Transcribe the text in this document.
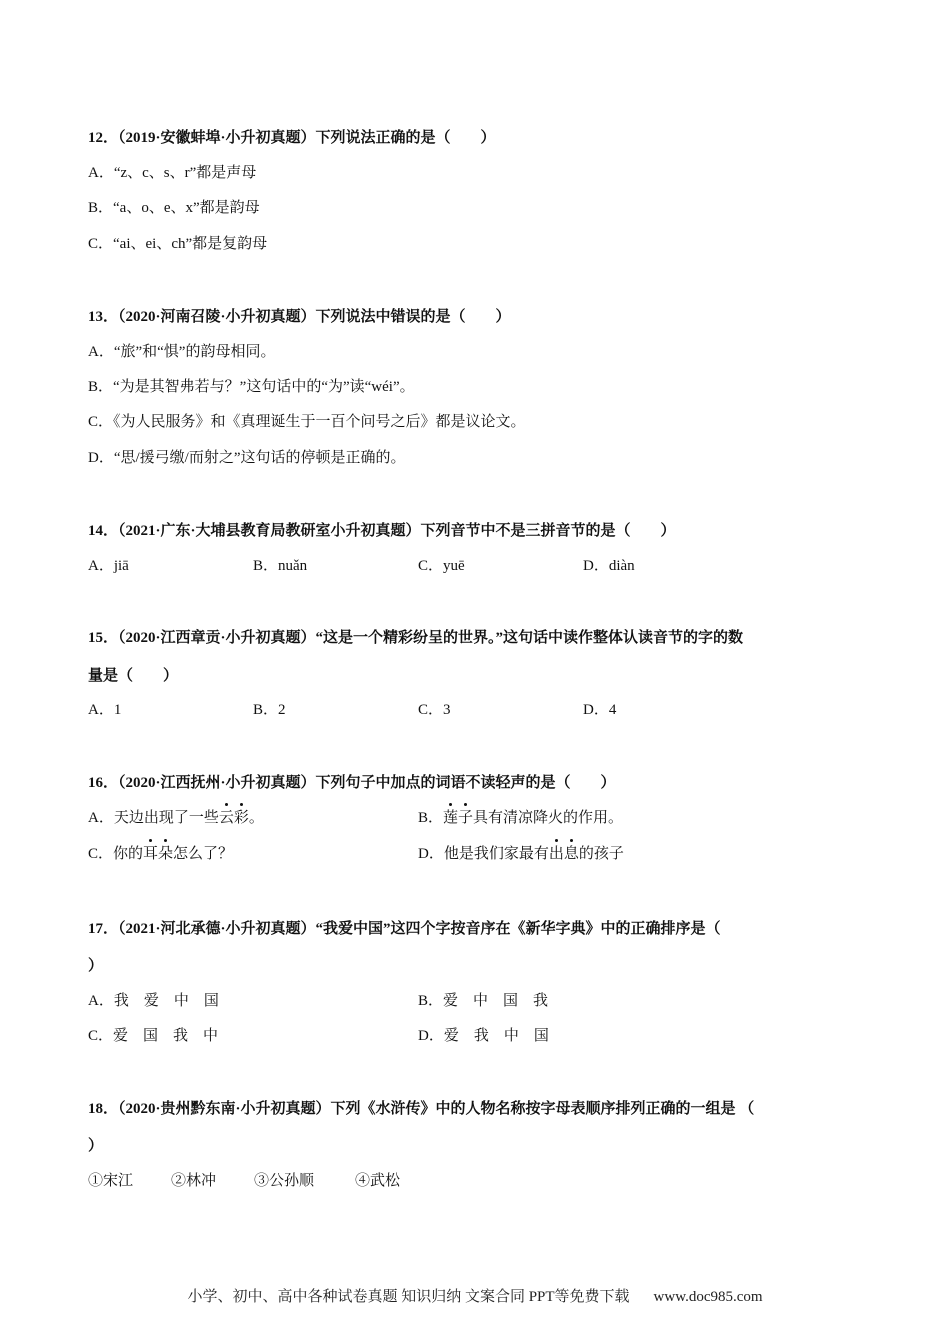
12．（2019·安徽蚌埠·小升初真题）下列说法正确的是（　　）
A．“z、c、s、r”都是声母
B．“a、o、e、x”都是韵母
C．“ai、ei、ch”都是复韵母
13．（2020·河南召陵·小升初真题）下列说法中错误的是（　　）
A．“旅”和“惧”的韵母相同。
B．“为是其智弗若与？”这句话中的“为”读“wéi”。
C．《为人民服务》和《真理诞生于一百个问号之后》都是议论文。
D．“思/援弓缴/而射之”这句话的停顿是正确的。
14．（2021·广东·大埔县教育局教研室小升初真题）下列音节中不是三拼音节的是（　　）
A．jiā	B．nuǎn	C．yuē	D．diàn
15．（2020·江西章贡·小升初真题）“这是一个精彩纷呈的世界。”这句话中读作整体认读音节的字的数
量是（　　）
A．1	B．2	C．3	D．4
16．（2020·江西抚州·小升初真题）下列句子中加点的词语不读轻声的是（　　）
A．天边出现了一些云彩。	B．莲子具有清凉降火的作用。
C．你的耳朵怎么了？	D．他是我们家最有出息的孩子
17．（2021·河北承德·小升初真题）“我爱中国”这四个字按音序在《新华字典》中的正确排序是（
）
A．我　爱　中　国	B．爱　中　国　我
C．爱　国　我　中	D．爱　我　中　国
18．（2020·贵州黔东南·小升初真题）下列《水浒传》中的人物名称按字母表顺序排列正确的一组是 （
）
①宋江	②林冲	③公孙顺	④武松
小学、初中、高中各种试卷真题 知识归纳 文案合同 PPT等免费下载 www.doc985.com
